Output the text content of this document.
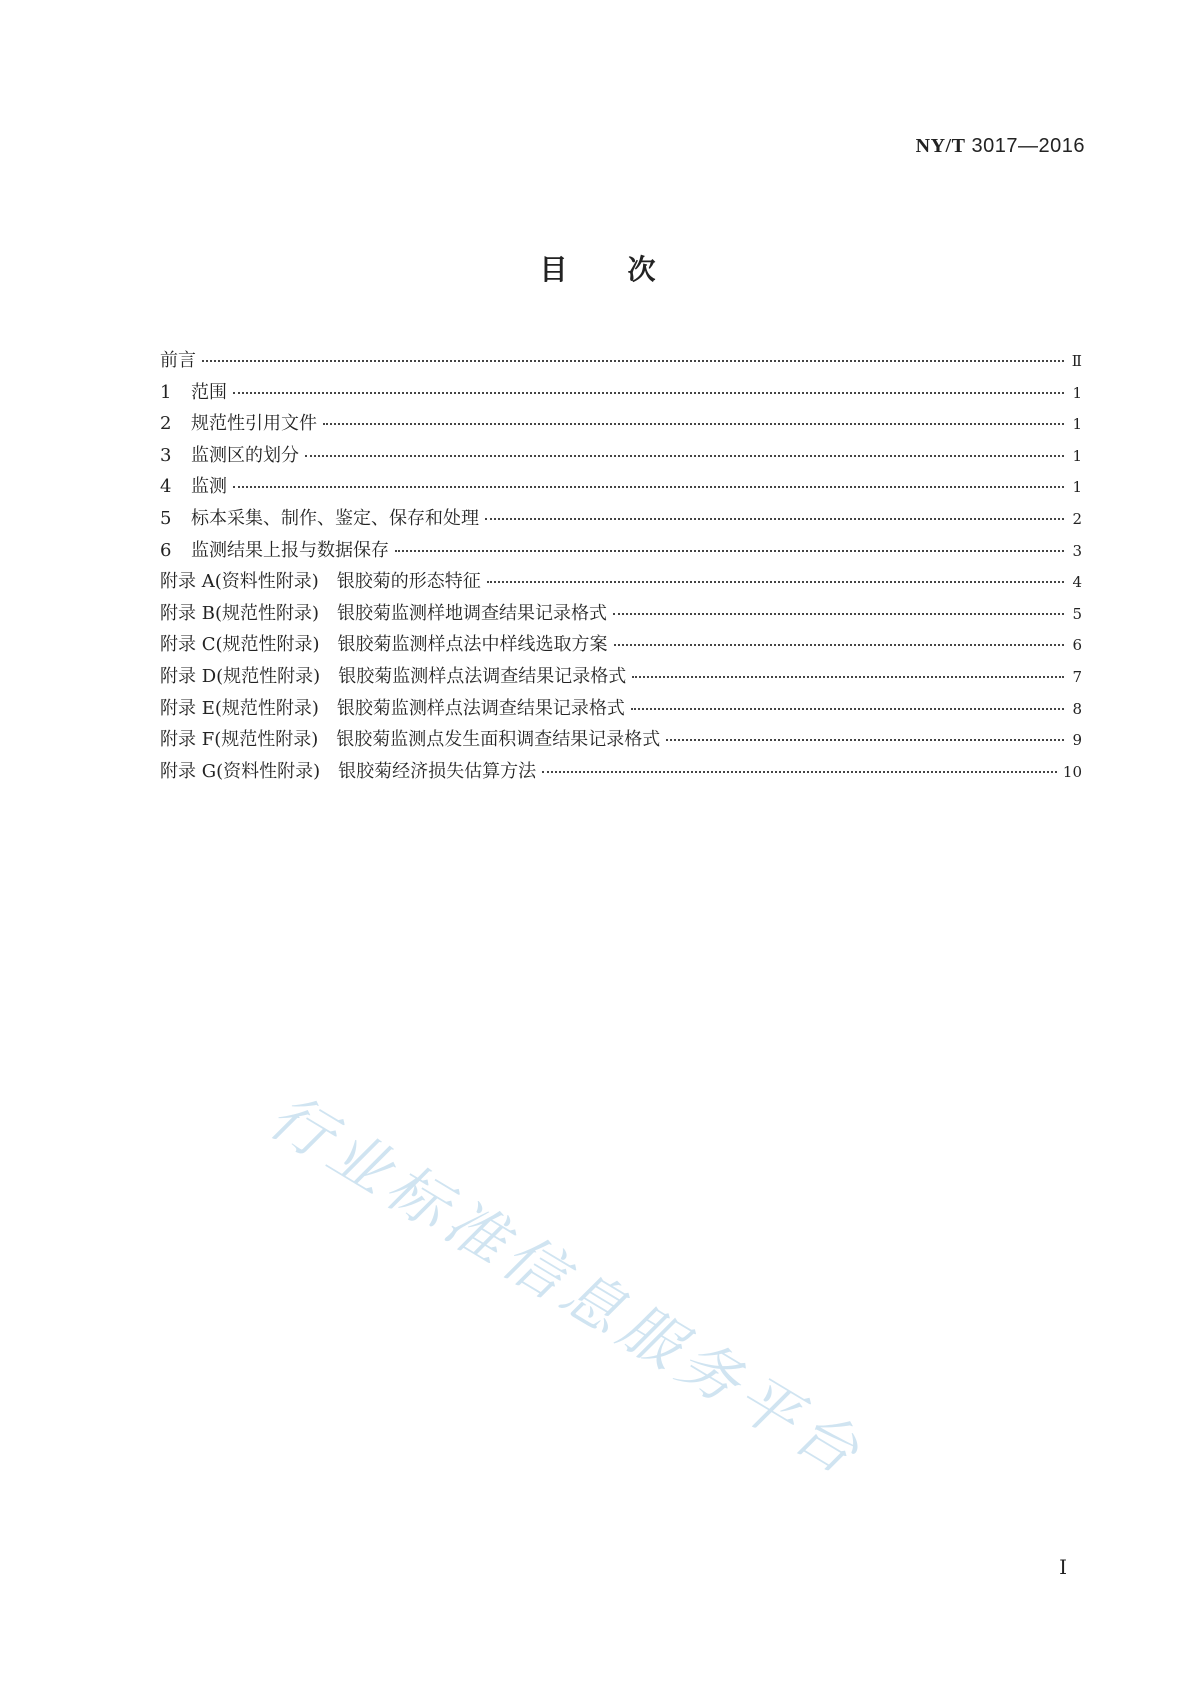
NY/T 3017—2016
目次
前言	Ⅱ
1 范围	1
2 规范性引用文件	1
3 监测区的划分	1
4 监测	1
5 标本采集、制作、鉴定、保存和处理	2
6 监测结果上报与数据保存	3
附录 A(资料性附录)　银胶菊的形态特征	4
附录 B(规范性附录)　银胶菊监测样地调查结果记录格式	5
附录 C(规范性附录)　银胶菊监测样点法中样线选取方案	6
附录 D(规范性附录)　银胶菊监测样点法调查结果记录格式	7
附录 E(规范性附录)　银胶菊监测样点法调查结果记录格式	8
附录 F(规范性附录)　银胶菊监测点发生面积调查结果记录格式	9
附录 G(资料性附录)　银胶菊经济损失估算方法	10
行业标准信息服务平台
I
